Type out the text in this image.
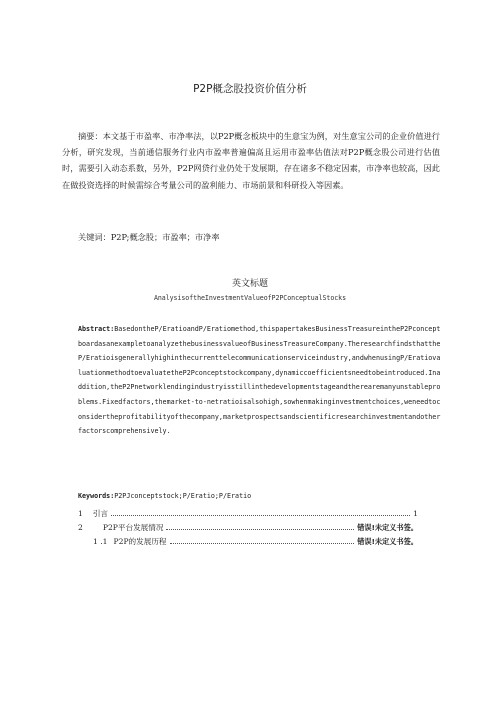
P2P概念股投资价值分析
摘要：本文基于市盈率、市净率法，以P2P概念板块中的生意宝为例，对生意宝公司的企业价值进行分析，研究发现，当前通信服务行业内市盈率普遍偏高且运用市盈率估值法对P2P概念股公司进行估值时，需要引入动态系数，另外，P2P网贷行业仍处于发展期，存在诸多不稳定因素，市净率也较高，因此在做投资选择的时候需综合考量公司的盈利能力、市场前景和科研投入等因素。
关键词：P2P;概念股；市盈率；市净率
英文标题
AnalysisoftheInvestmentValueofP2PConceptualStocks
Abstract:BasedontheP/EratioandP/Eratiomethod,thispapertakesBusinessTreasureintheP2PconceptboardasanexampletoanalyzethebusinessvalueofBusinessTreasureCompany.TheresearchfindsthattheP/Eratioisgenerallyhighinthecurrenttelecommunicationserviceindustry,andwhenusingP/EratiovaluationmethodtoevaluatetheP2Pconceptstockcompany,dynamiccoefficientsneedtobeintroduced.Inaddition,theP2Pnetworklendingindustryisstillinthedevelopmentstageandtherearemanyunstableproblems.Fixedfactors,themarket-to-netratioisalsohigh,sowhenmakinginvestmentchoices,weneedtoconsidertheprofitabilityofthecompany,marketprospectsandscientificresearchinvestmentandotherfactorscomprehensively.
Keywords:P2PJconceptstock;P/Eratio;P/Eratio
1	引言	1
2	P2P平台发展情况	错误!未定义书签。
1 .1 P2P的发展历程	错误!未定义书签。
